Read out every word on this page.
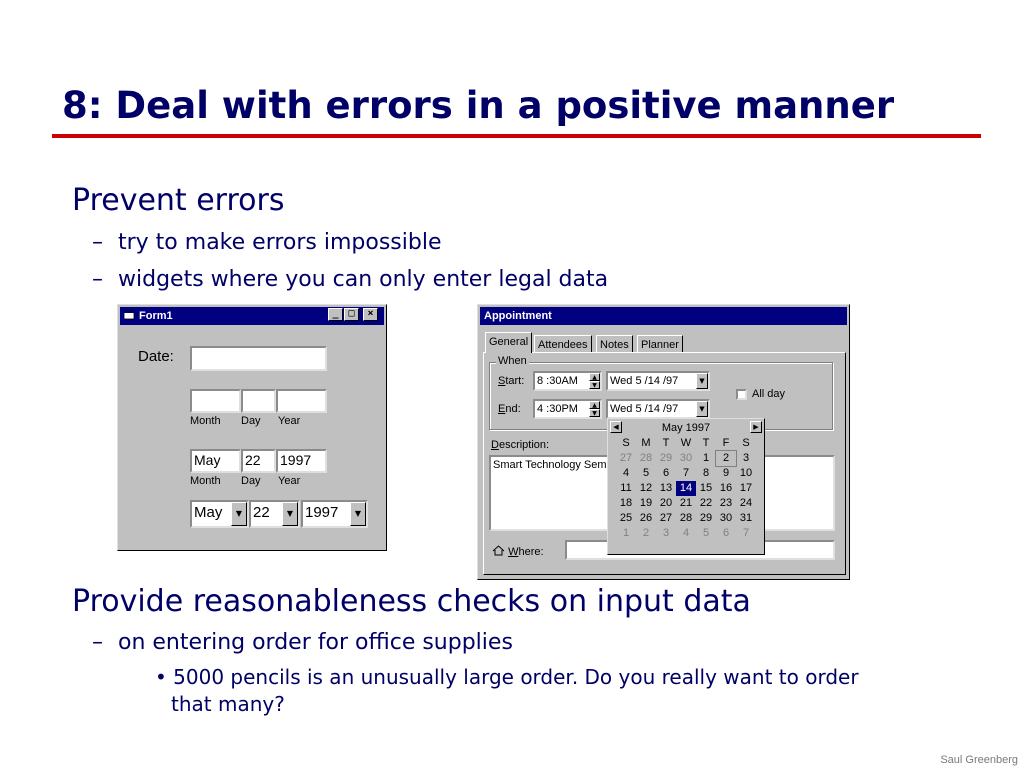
8: Deal with errors in a positive manner
Prevent errors
– try to make errors impossible
– widgets where you can only enter legal data
Provide reasonableness checks on input data
– on entering order for office supplies
• 5000 pencils is an unusually large order. Do you really want to order
that many?
Saul Greenberg
Form1	_ □	×
Date:
Month Day Year
May	22	1997
Month Day Year
May	▼ 22	▼ 1997	▼
Appointment
General Attendees	Notes	Planner
When
Start:	8 :30AM	▲
▼	Wed 5 /14 /97	▼
End:	4 :30PM	▲
▼	Wed 5 /14 /97	▼
All day
Description:
Smart Technology Sem
Where:
◀	May 1997	▶
S	M	T	W	T	F	S
27 28 29 30 1	2	3
4	5	6	7	8	9 10
11 12 13 14 15 16 17
18 19 20 21 22 23 24
25 26 27 28 29 30 31
1	2	3	4	5	6	7
